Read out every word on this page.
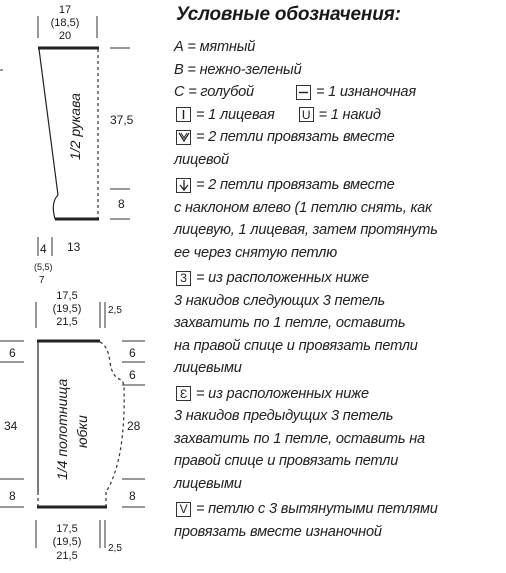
17
(18,5)
20
1/2 рукава 37,5
8
4 13
(5,5)
7
17,5
(19,5)
21,5
2,5
1/4 полотнища юбки
6
34
8
6
6
28
8
17,5
(19,5)
21,5
2,5
Условные обозначения:
А = мятный
В = нежно-зеленый
С = голубой	= 1 изнаночная
= 1 лицевая U = 1 накид
= 2 петли провязать вместе
лицевой
= 2 петли провязать вместе
с наклоном влево (1 петлю снять, как
лицевую, 1 лицевая, затем протянуть
ее через снятую петлю
3 = из расположенных ниже
3 накидов следующих 3 петель
захватить по 1 петле, оставить
на правой спице и провязать петли
лицевыми
Ɛ = из расположенных ниже
3 накидов предыдущих 3 петель
захватить по 1 петле, оставить на
правой спице и провязать петли
лицевыми
V = петлю с 3 вытянутыми петлями
провязать вместе изнаночной
